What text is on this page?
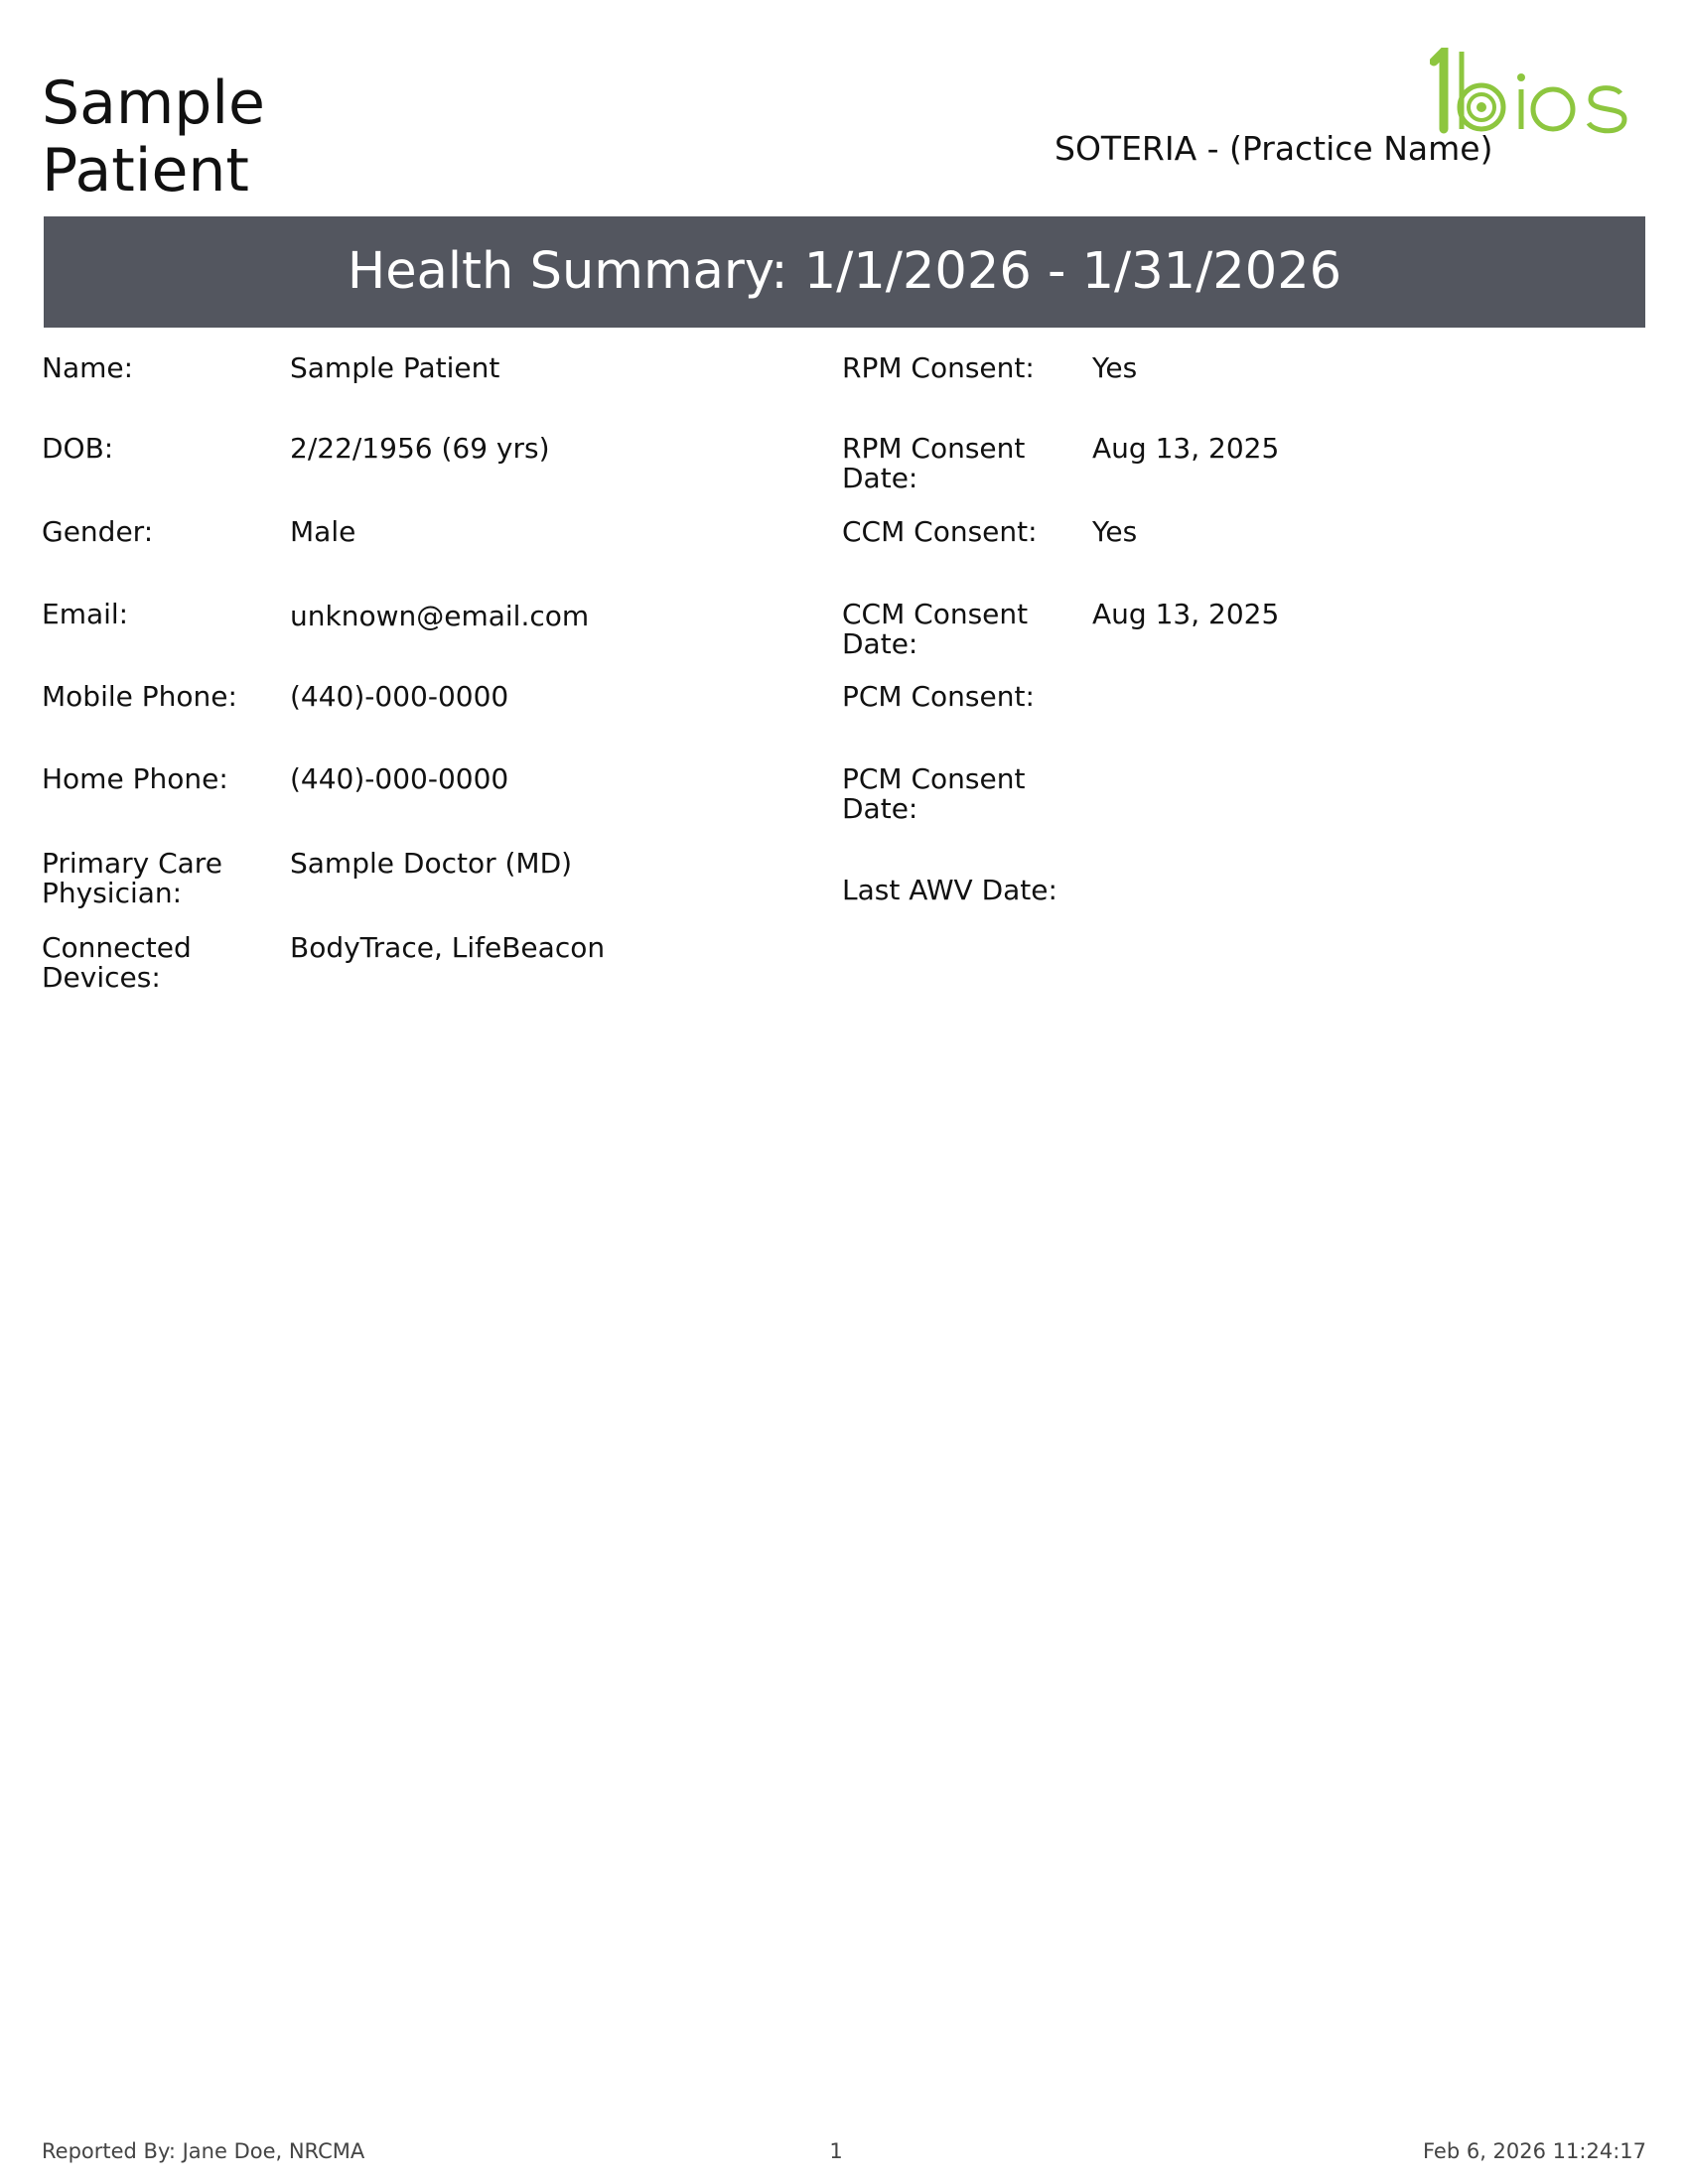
Sample Patient	SOTERIA - (Practice Name)
Health Summary: 1/1/2026 - 1/31/2026
Name:	Sample Patient
DOB:	2/22/1956 (69 yrs)
Gender:	Male
Email:	unknown@email.com
Mobile Phone:	(440)-000-0000
Home Phone:	(440)-000-0000
Primary Care Physician:
Sample Doctor (MD)
Connected Devices:
BodyTrace, LifeBeacon
RPM Consent:	Yes
RPM Consent Date:
Aug 13, 2025
CCM Consent:	Yes
CCM Consent Date:
Aug 13, 2025
PCM Consent:
PCM Consent Date:
Last AWV Date:
Reported By: Jane Doe, NRCMA	1	Feb 6, 2026 11:24:17
